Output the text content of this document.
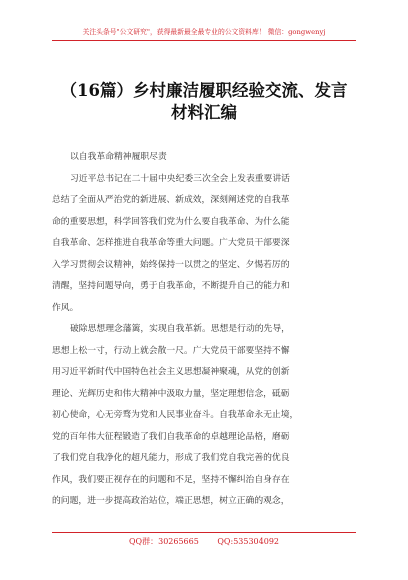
关注头条号"公文研究"，获得最新最全最专业的公文资料库！ 微信：gongwenyj
（16篇）乡村廉洁履职经验交流、发言
材料汇编

以自我革命精神履职尽责

习近平总书记在二十届中央纪委三次全会上发表重要讲话
总结了全面从严治党的新进展、新成效，深刻阐述党的自我革
命的重要思想，科学回答我们党为什么要自我革命、为什么能
自我革命、怎样推进自我革命等重大问题。广大党员干部要深
入学习贯彻会议精神，始终保持一以贯之的坚定、夕惕若厉的
清醒，坚持问题导向，勇于自我革命，不断提升自己的能力和
作风。

破除思想理念藩篱，实现自我革新。思想是行动的先导，
思想上松一寸，行动上就会散一尺。广大党员干部要坚持不懈
用习近平新时代中国特色社会主义思想凝神聚魂，从党的创新
理论、光辉历史和伟大精神中汲取力量，坚定理想信念，砥砺
初心使命，心无旁骛为党和人民事业奋斗。自我革命永无止境，
党的百年伟大征程锻造了我们自我革命的卓越理论品格，磨砺
了我们党自我净化的超凡能力，形成了我们党自我完善的优良
作风，我们要正视存在的问题和不足，坚持不懈纠治自身存在
的问题，进一步提高政治站位，端正思想，树立正确的观念，

QQ群：30265665 QQ:535304092
